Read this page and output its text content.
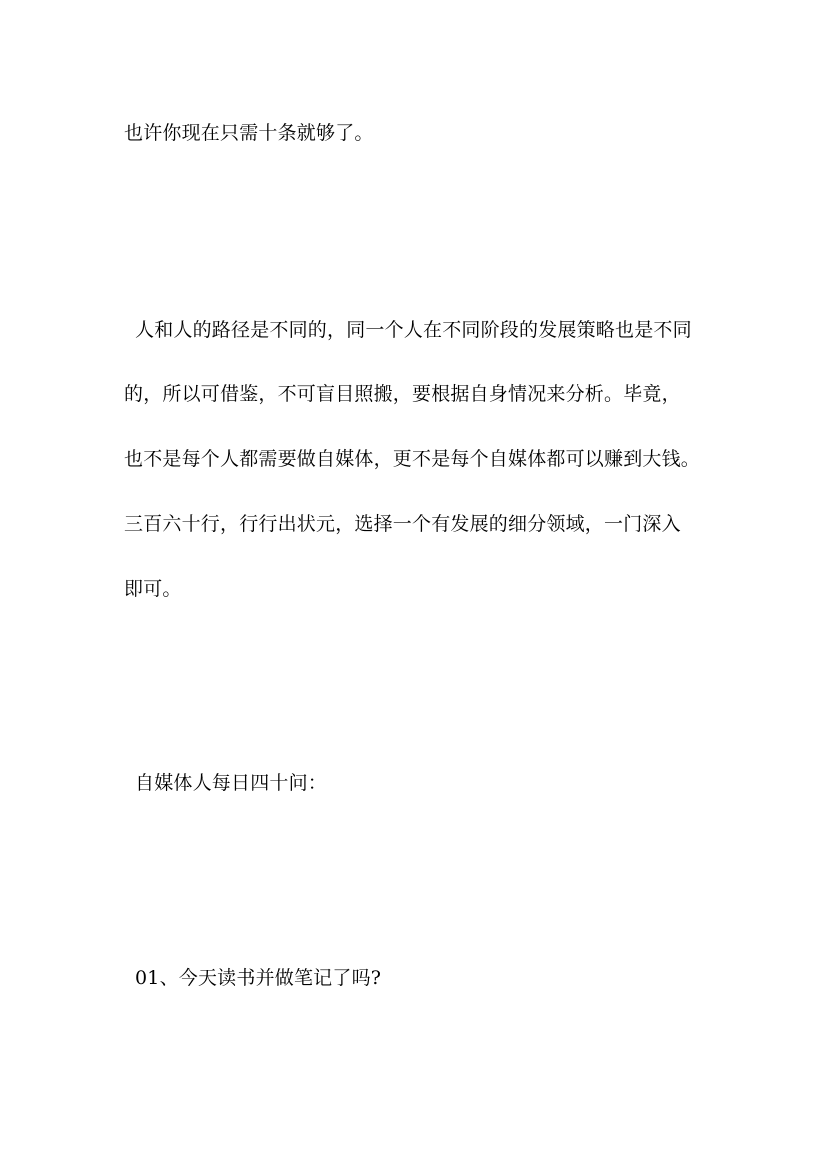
也许你现在只需十条就够了。
人和人的路径是不同的，同一个人在不同阶段的发展策略也是不同
的，所以可借鉴，不可盲目照搬，要根据自身情况来分析。毕竟，
也不是每个人都需要做自媒体，更不是每个自媒体都可以赚到大钱。
三百六十行，行行出状元，选择一个有发展的细分领域，一门深入
即可。
自媒体人每日四十问：
01、今天读书并做笔记了吗?
